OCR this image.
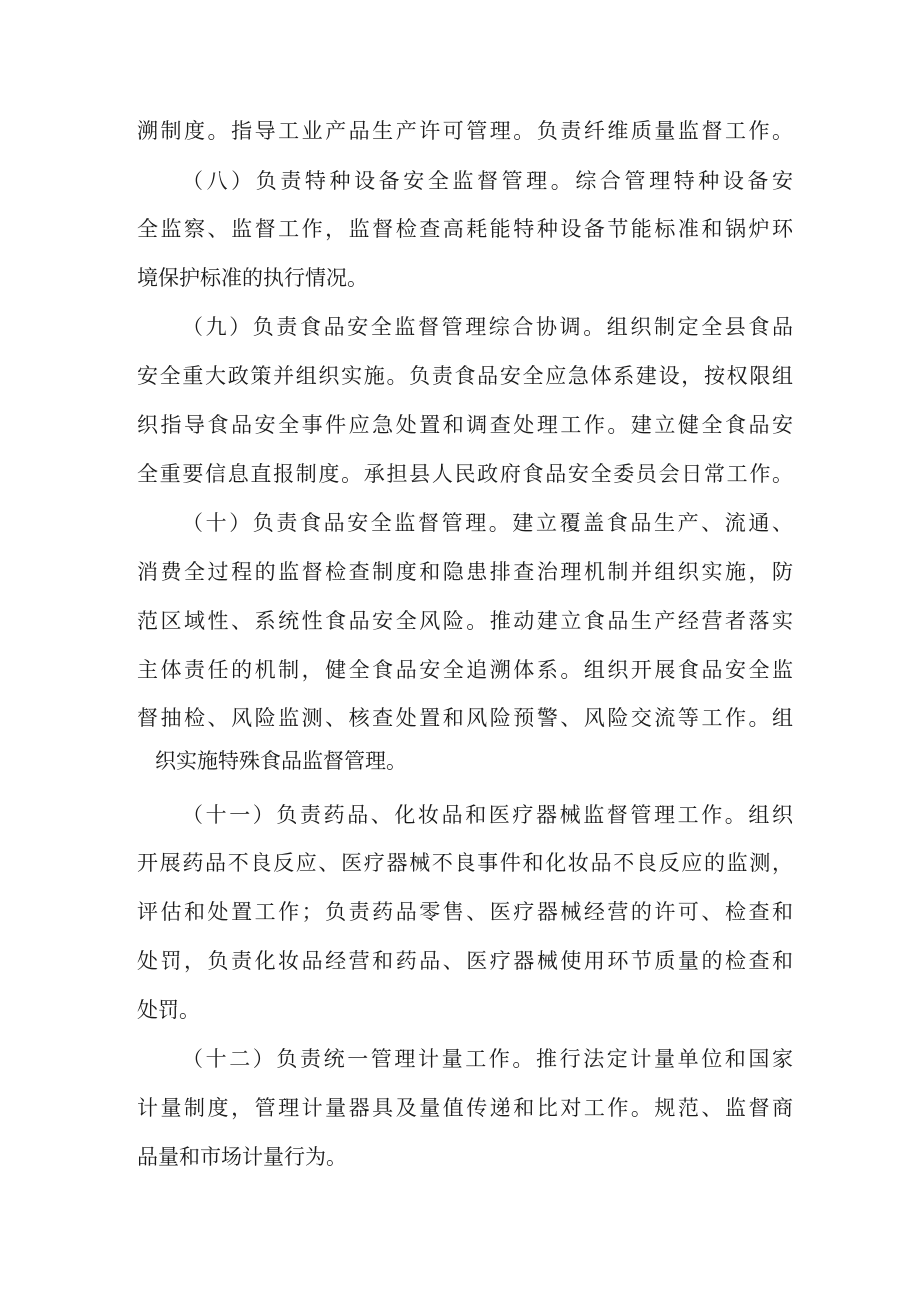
溯制度。指导工业产品生产许可管理。负责纤维质量监督工作。
（八）负责特种设备安全监督管理。综合管理特种设备安
全监察、监督工作，监督检查高耗能特种设备节能标准和锅炉环
境保护标准的执行情况。
（九）负责食品安全监督管理综合协调。组织制定全县食品
安全重大政策并组织实施。负责食品安全应急体系建设，按权限组
织指导食品安全事件应急处置和调查处理工作。建立健全食品安
全重要信息直报制度。承担县人民政府食品安全委员会日常工作。
（十）负责食品安全监督管理。建立覆盖食品生产、流通、
消费全过程的监督检查制度和隐患排查治理机制并组织实施，防
范区域性、系统性食品安全风险。推动建立食品生产经营者落实
主体责任的机制，健全食品安全追溯体系。组织开展食品安全监
督抽检、风险监测、核查处置和风险预警、风险交流等工作。组
织实施特殊食品监督管理。
（十一）负责药品、化妆品和医疗器械监督管理工作。组织
开展药品不良反应、医疗器械不良事件和化妆品不良反应的监测，
评估和处置工作；负责药品零售、医疗器械经营的许可、检查和
处罚，负责化妆品经营和药品、医疗器械使用环节质量的检查和
处罚。
（十二）负责统一管理计量工作。推行法定计量单位和国家
计量制度，管理计量器具及量值传递和比对工作。规范、监督商
品量和市场计量行为。
